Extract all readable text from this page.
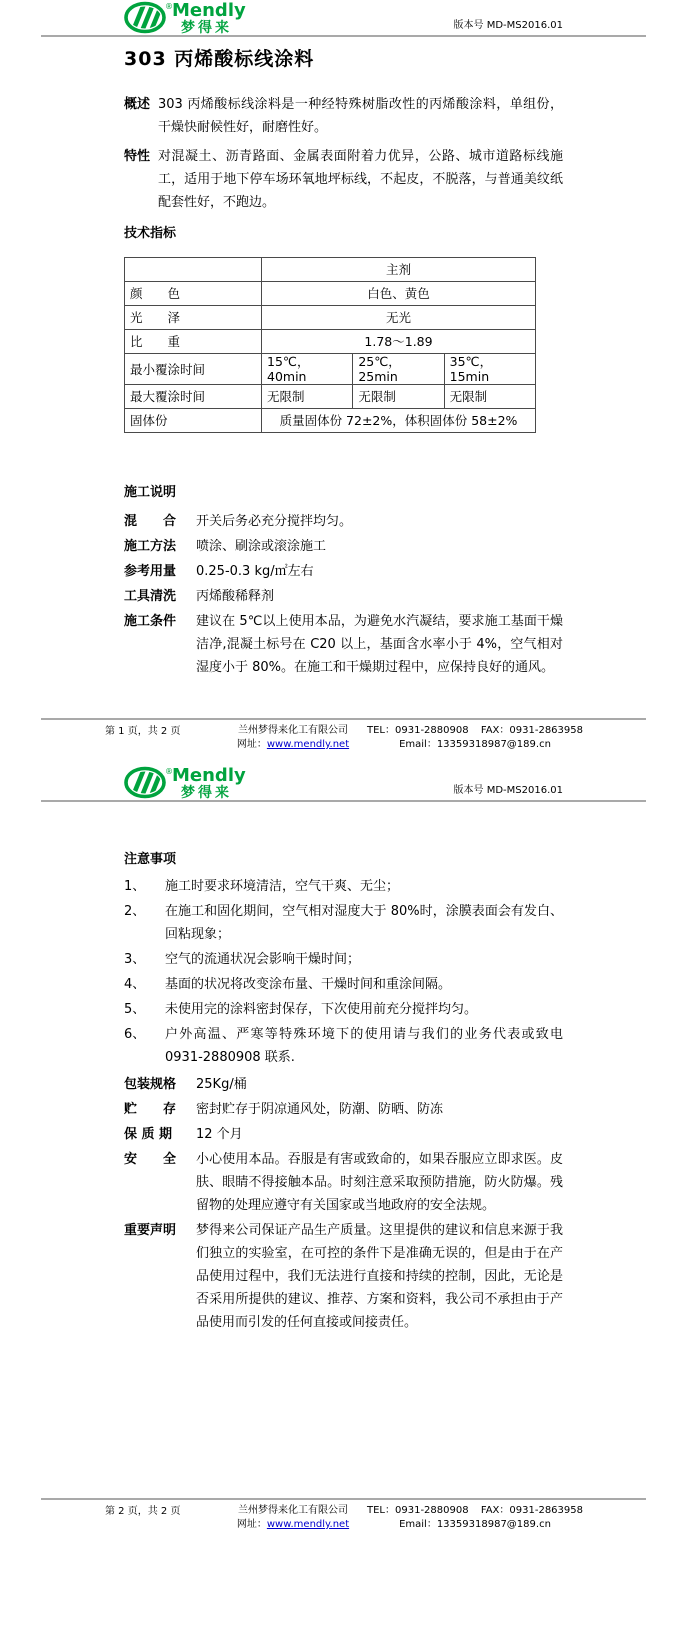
® Mendly
梦得来	版本号 MD-MS2016.01
303 丙烯酸标线涂料
概述 303 丙烯酸标线涂料是一种经特殊树脂改性的丙烯酸涂料，单组份，干燥快耐候性好，耐磨性好。
特性 对混凝土、沥青路面、金属表面附着力优异，公路、城市道路标线施工，适用于地下停车场环氧地坪标线，不起皮，不脱落，与普通美纹纸配套性好，不跑边。
技术指标
	主剂		
颜　　色	白色、黄色		
光　　泽	无光		
比　　重	1.78～1.89		
最小覆涂时间	15℃，40min	25℃，25min	35℃，15min
最大覆涂时间	无限制	无限制	无限制
固体份	质量固体份 72±2%，体积固体份 58±2%		
施工说明
混　　合	开关后务必充分搅拌均匀。
施工方法	喷涂、刷涂或滚涂施工
参考用量	0.25-0.3 kg/㎡左右
工具清洗	丙烯酸稀释剂
施工条件	建议在 5℃以上使用本品，为避免水汽凝结，要求施工基面干燥洁净,混凝土标号在 C20 以上，基面含水率小于 4%，空气相对湿度小于 80%。在施工和干燥期过程中，应保持良好的通风。
第 1 页，共 2 页	兰州梦得来化工有限公司
网址：www.mendly.net
TEL：0931-2880908 FAX：0931-2863958
Email：13359318987@189.cn
® Mendly
梦得来	版本号 MD-MS2016.01
注意事项
1、	施工时要求环境清洁，空气干爽、无尘；
2、	在施工和固化期间，空气相对湿度大于 80%时，涂膜表面会有发白、回粘现象；
3、	空气的流通状况会影响干燥时间；
4、	基面的状况将改变涂布量、干燥时间和重涂间隔。
5、	未使用完的涂料密封保存，下次使用前充分搅拌均匀。
6、	户外高温、严寒等特殊环境下的使用请与我们的业务代表或致电 0931-2880908 联系.
包装规格	25Kg/桶
贮　　存	密封贮存于阴凉通风处，防潮、防晒、防冻
保 质 期	12 个月
安　　全	小心使用本品。吞服是有害或致命的，如果吞服应立即求医。皮肤、眼睛不得接触本品。时刻注意采取预防措施，防火防爆。残留物的处理应遵守有关国家或当地政府的安全法规。
重要声明	梦得来公司保证产品生产质量。这里提供的建议和信息来源于我们独立的实验室，在可控的条件下是准确无误的，但是由于在产品使用过程中，我们无法进行直接和持续的控制，因此，无论是否采用所提供的建议、推荐、方案和资料，我公司不承担由于产品使用而引发的任何直接或间接责任。
第 2 页，共 2 页	兰州梦得来化工有限公司
网址：www.mendly.net
TEL：0931-2880908 FAX：0931-2863958
Email：13359318987@189.cn
